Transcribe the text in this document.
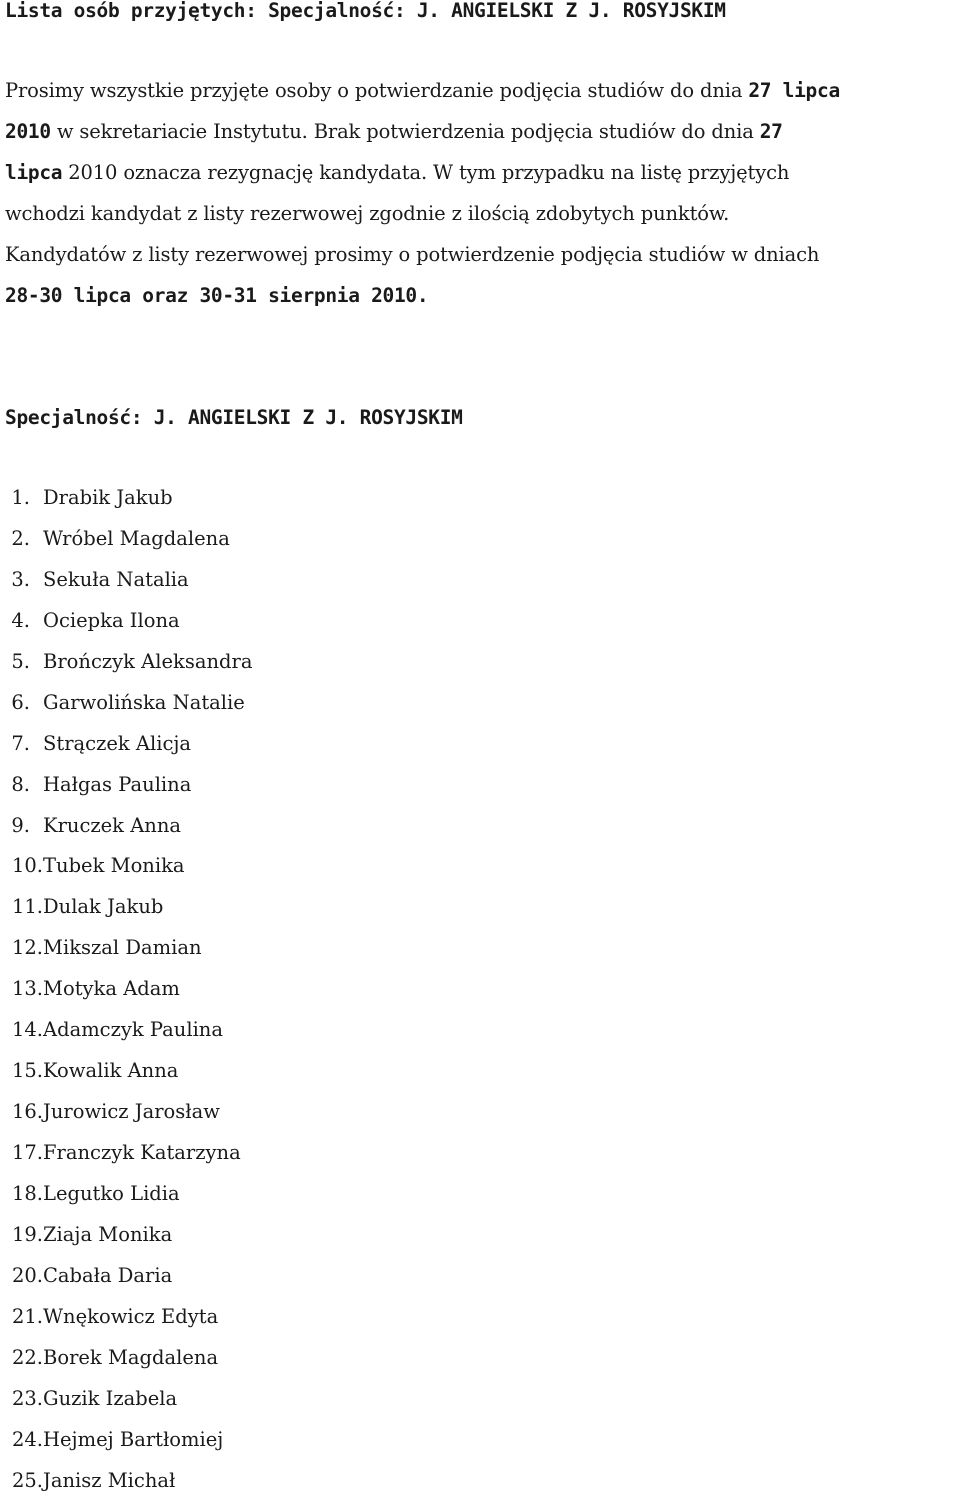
Lista osób przyjętych: Specjalność: J. ANGIELSKI Z J. ROSYJSKIM
Prosimy wszystkie przyjęte osoby o potwierdzanie podjęcia studiów do dnia 27 lipca
2010 w sekretariacie Instytutu. Brak potwierdzenia podjęcia studiów do dnia 27
lipca 2010 oznacza rezygnację kandydata. W tym przypadku na listę przyjętych
wchodzi kandydat z listy rezerwowej zgodnie z ilością zdobytych punktów.
Kandydatów z listy rezerwowej prosimy o potwierdzenie podjęcia studiów w dniach
28-30 lipca oraz 30-31 sierpnia 2010.
Specjalność: J. ANGIELSKI Z J. ROSYJSKIM
1. Drabik Jakub
2. Wróbel Magdalena
3. Sekuła Natalia
4. Ociepka Ilona
5. Brończyk Aleksandra
6. Garwolińska Natalie
7. Strączek Alicja
8. Hałgas Paulina
9. Kruczek Anna
10.Tubek Monika
11.Dulak Jakub
12.Mikszal Damian
13.Motyka Adam
14.Adamczyk Paulina
15.Kowalik Anna
16.Jurowicz Jarosław
17.Franczyk Katarzyna
18.Legutko Lidia
19.Ziaja Monika
20.Cabała Daria
21.Wnękowicz Edyta
22.Borek Magdalena
23.Guzik Izabela
24.Hejmej Bartłomiej
25.Janisz Michał
